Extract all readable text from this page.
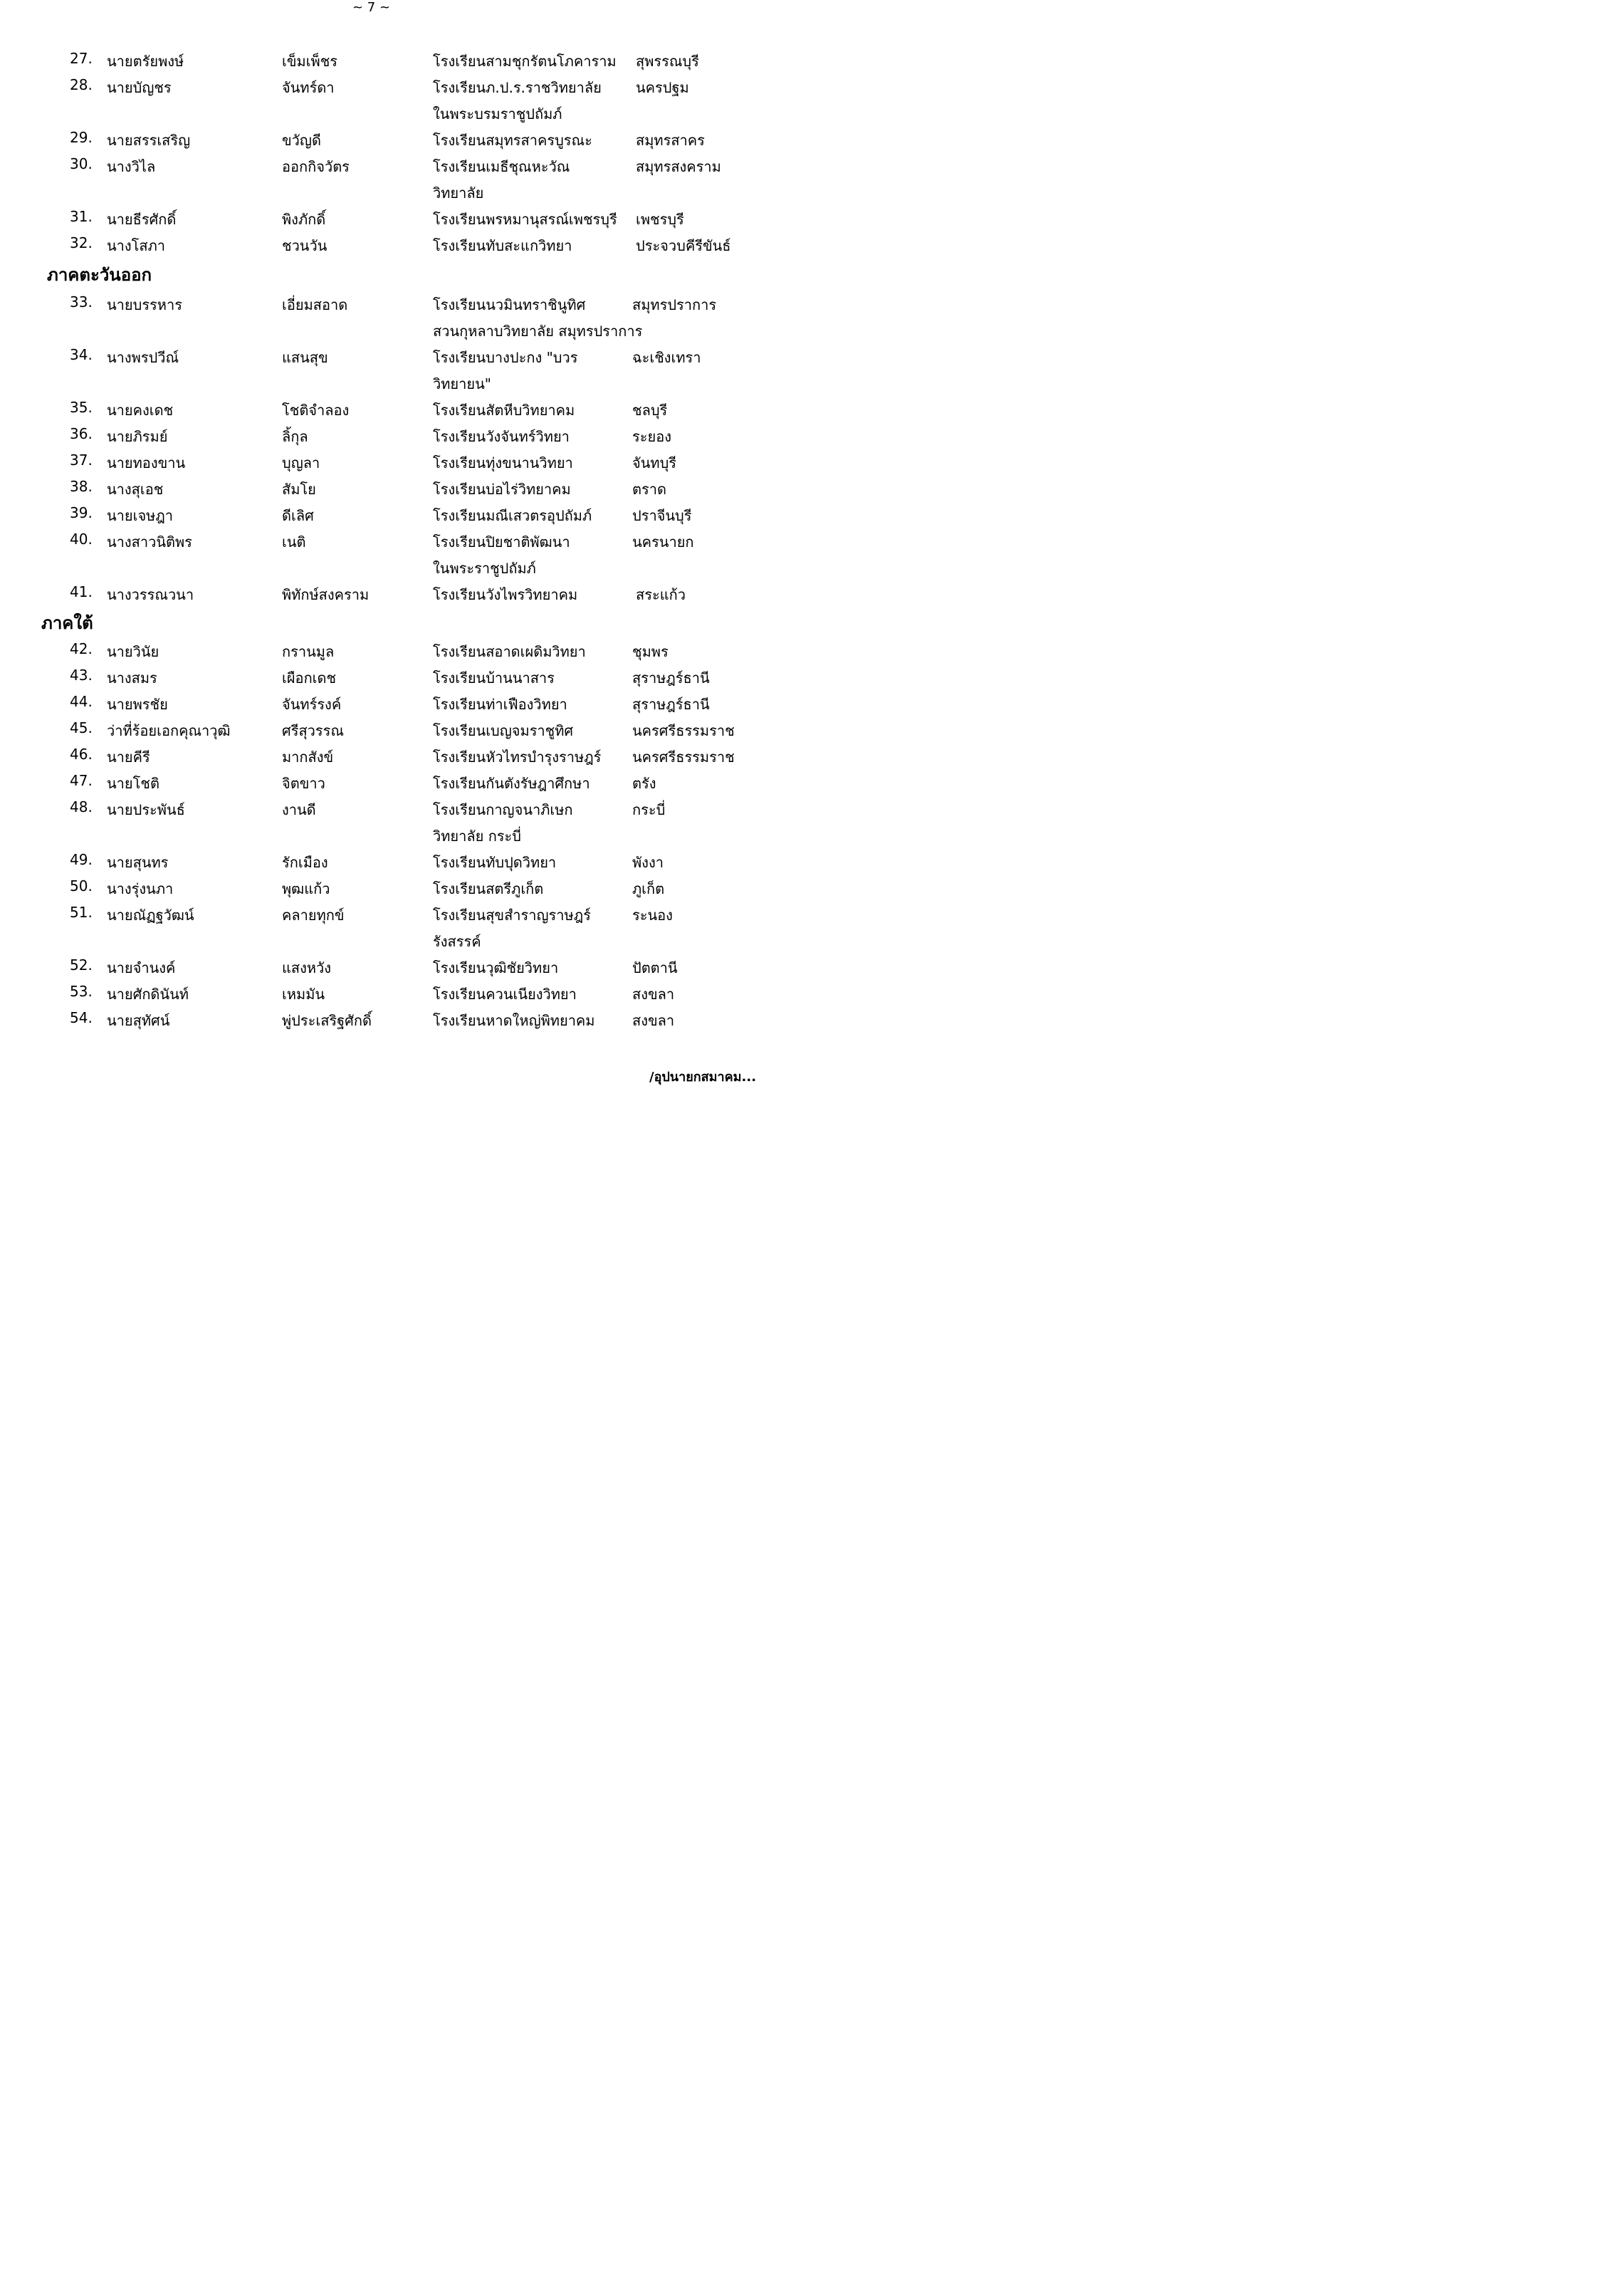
~ 7 ~
27. นายตรัยพงษ์	เข็มเพ็ชร	โรงเรียนสามชุกรัตนโภคาราม สุพรรณบุรี
28. นายบัญชร	จันทร์ดา	โรงเรียนภ.ป.ร.ราชวิทยาลัย นครปฐม
ในพระบรมราชูปถัมภ์
29. นายสรรเสริญ	ขวัญดี	โรงเรียนสมุทรสาครบูรณะ	สมุทรสาคร
30. นางวิไล	ออกกิจวัตร	โรงเรียนเมธีชุณหะวัณ	สมุทรสงคราม
วิทยาลัย
31. นายธีรศักดิ์	พิงภักดิ์	โรงเรียนพรหมานุสรณ์เพชรบุรี เพชรบุรี
32. นางโสภา	ชวนวัน	โรงเรียนทับสะแกวิทยา	ประจวบคีรีขันธ์
ภาคตะวันออก
33. นายบรรหาร	เอี่ยมสอาด	โรงเรียนนวมินทราชินูทิศ	สมุทรปราการ
สวนกุหลาบวิทยาลัย สมุทรปราการ
34. นางพรปวีณ์	แสนสุข	โรงเรียนบางปะกง "บวร	ฉะเชิงเทรา
วิทยายน"
35. นายคงเดช	โชติจำลอง	โรงเรียนสัตหีบวิทยาคม	ชลบุรี
36. นายภิรมย์	ลิ้กุล	โรงเรียนวังจันทร์วิทยา	ระยอง
37. นายทองขาน	บุญลา	โรงเรียนทุ่งขนานวิทยา	จันทบุรี
38. นางสุเอช	สัมโย	โรงเรียนบ่อไร่วิทยาคม	ตราด
39. นายเจษฎา	ดีเลิศ	โรงเรียนมณีเสวตรอุปถัมภ์	ปราจีนบุรี
40. นางสาวนิติพร	เนติ	โรงเรียนปิยชาติพัฒนา	นครนายก
ในพระราชูปถัมภ์
41. นางวรรณวนา	พิทักษ์สงคราม	โรงเรียนวังไพรวิทยาคม	สระแก้ว
ภาคใต้
42. นายวินัย	กรานมูล	โรงเรียนสอาดเผดิมวิทยา	ชุมพร
43. นางสมร	เผือกเดช	โรงเรียนบ้านนาสาร	สุราษฎร์ธานี
44. นายพรชัย	จันทร์รงค์	โรงเรียนท่าเฟืองวิทยา	สุราษฎร์ธานี
45. ว่าที่ร้อยเอกคุณาวุฒิ	ศรีสุวรรณ	โรงเรียนเบญจมราชูทิศ	นครศรีธรรมราช
46. นายคีรี	มากสังข์	โรงเรียนหัวไทรบำรุงราษฎร์ นครศรีธรรมราช
47. นายโชติ	จิตขาว	โรงเรียนกันตังรัษฎาศึกษา	ตรัง
48. นายประพันธ์	งานดี	โรงเรียนกาญจนาภิเษก	กระบี่
วิทยาลัย กระบี่
49. นายสุนทร	รักเมือง	โรงเรียนทับปุดวิทยา	พังงา
50. นางรุ่งนภา	พุฒแก้ว	โรงเรียนสตรีภูเก็ต	ภูเก็ต
51. นายณัฏฐวัฒน์	คลายทุกข์	โรงเรียนสุขสำราญราษฎร์	ระนอง
รังสรรค์
52. นายจำนงค์	แสงหวัง	โรงเรียนวุฒิชัยวิทยา	ปัตตานี
53. นายศักดินันท์	เหมมัน	โรงเรียนควนเนียงวิทยา	สงขลา
54. นายสุทัศน์	พู่ประเสริฐศักดิ์	โรงเรียนหาดใหญ่พิทยาคม	สงขลา
/อุปนายกสมาคม...
